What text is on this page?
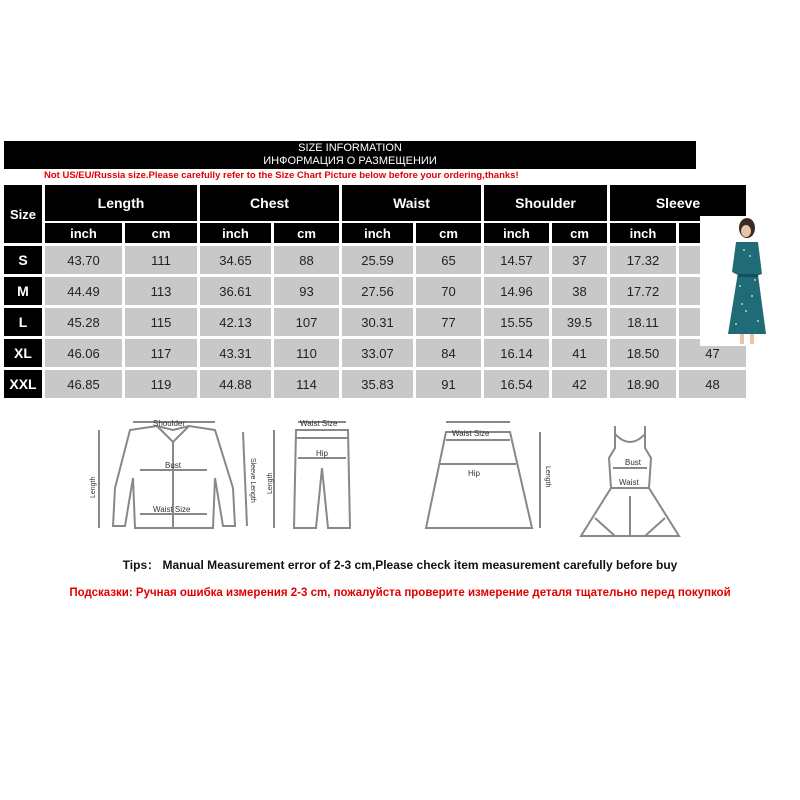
SIZE INFORMATION
ИНФОРМАЦИЯ О РАЗМЕЩЕНИИ
Not US/EU/Russia size.Please carefully refer to the Size Chart Picture below before your ordering,thanks!
Size	Length		Chest		Waist		Shoulder		Sleeve	
	inch	cm	inch	cm	inch	cm	inch	cm	inch	
S	43.70	111	34.65	88	25.59	65	14.57	37	17.32	
M	44.49	113	36.61	93	27.56	70	14.96	38	17.72	
L	45.28	115	42.13	107	30.31	77	15.55	39.5	18.11	
XL	46.06	117	43.31	110	33.07	84	16.14	41	18.50	47
XXL	46.85	119	44.88	114	35.83	91	16.54	42	18.90	48
Shoulder
Bust
Waist Size
Length	Sleeve Length
Waist Size
Hip
Length
Waist Size
Hip	Length
Bust
Waist
Tips： Manual Measurement error of 2-3 cm,Please check item measurement carefully before buy
Подсказки: Ручная ошибка измерения 2-3 cm, пожалуйста проверите измерение деталя тщательно перед покупкой
